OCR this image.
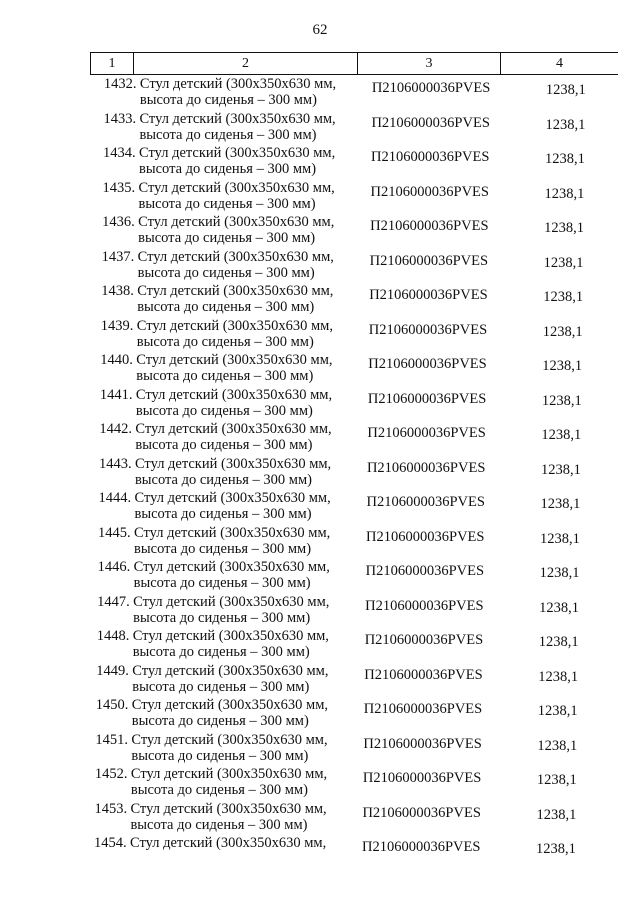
62
1	2	3	4
1432. Стул детский (300x350x630 мм,
высота до сиденья – 300 мм)
П2106000036PVES	1238,1
1433. Стул детский (300x350x630 мм,
высота до сиденья – 300 мм)
П2106000036PVES	1238,1
1434. Стул детский (300x350x630 мм,
высота до сиденья – 300 мм)
П2106000036PVES	1238,1
1435. Стул детский (300x350x630 мм,
высота до сиденья – 300 мм)
П2106000036PVES	1238,1
1436. Стул детский (300x350x630 мм,
высота до сиденья – 300 мм)
П2106000036PVES	1238,1
1437. Стул детский (300x350x630 мм,
высота до сиденья – 300 мм)
П2106000036PVES	1238,1
1438. Стул детский (300x350x630 мм,
высота до сиденья – 300 мм)
П2106000036PVES	1238,1
1439. Стул детский (300x350x630 мм,
высота до сиденья – 300 мм)
П2106000036PVES	1238,1
1440. Стул детский (300x350x630 мм,
высота до сиденья – 300 мм)
П2106000036PVES	1238,1
1441. Стул детский (300x350x630 мм,
высота до сиденья – 300 мм)
П2106000036PVES	1238,1
1442. Стул детский (300x350x630 мм,
высота до сиденья – 300 мм)
П2106000036PVES	1238,1
1443. Стул детский (300x350x630 мм,
высота до сиденья – 300 мм)
П2106000036PVES	1238,1
1444. Стул детский (300x350x630 мм,
высота до сиденья – 300 мм)
П2106000036PVES	1238,1
1445. Стул детский (300x350x630 мм,
высота до сиденья – 300 мм)
П2106000036PVES	1238,1
1446. Стул детский (300x350x630 мм,
высота до сиденья – 300 мм)
П2106000036PVES	1238,1
1447. Стул детский (300x350x630 мм,
высота до сиденья – 300 мм)
П2106000036PVES	1238,1
1448. Стул детский (300x350x630 мм,
высота до сиденья – 300 мм)
П2106000036PVES	1238,1
1449. Стул детский (300x350x630 мм,
высота до сиденья – 300 мм)
П2106000036PVES	1238,1
1450. Стул детский (300x350x630 мм,
высота до сиденья – 300 мм)
П2106000036PVES	1238,1
1451. Стул детский (300x350x630 мм,
высота до сиденья – 300 мм)
П2106000036PVES	1238,1
1452. Стул детский (300x350x630 мм,
высота до сиденья – 300 мм)
П2106000036PVES	1238,1
1453. Стул детский (300x350x630 мм,
высота до сиденья – 300 мм)
П2106000036PVES	1238,1
1454. Стул детский (300x350x630 мм, П2106000036PVES	1238,1
